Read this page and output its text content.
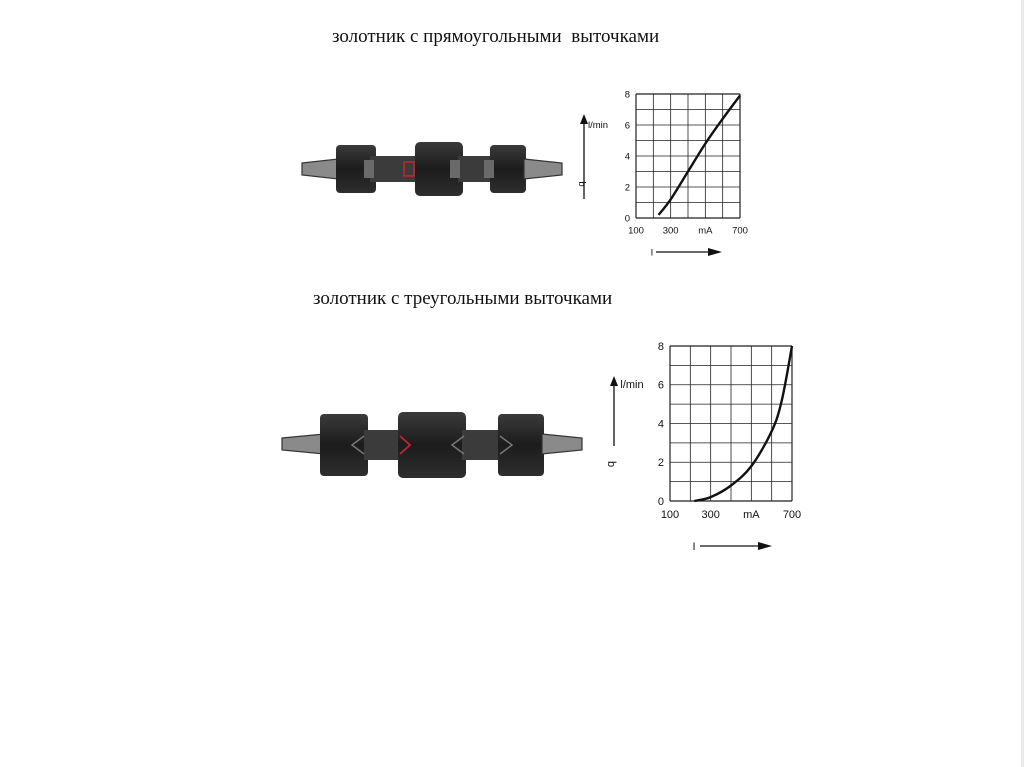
золотник с прямоугольными  выточками
золотник с треугольными выточками
0
2
4
6
8
100 300 mA 700
l/min
q
I
0
2
4
6
8
100 300 mA 700
l/min
q
I
